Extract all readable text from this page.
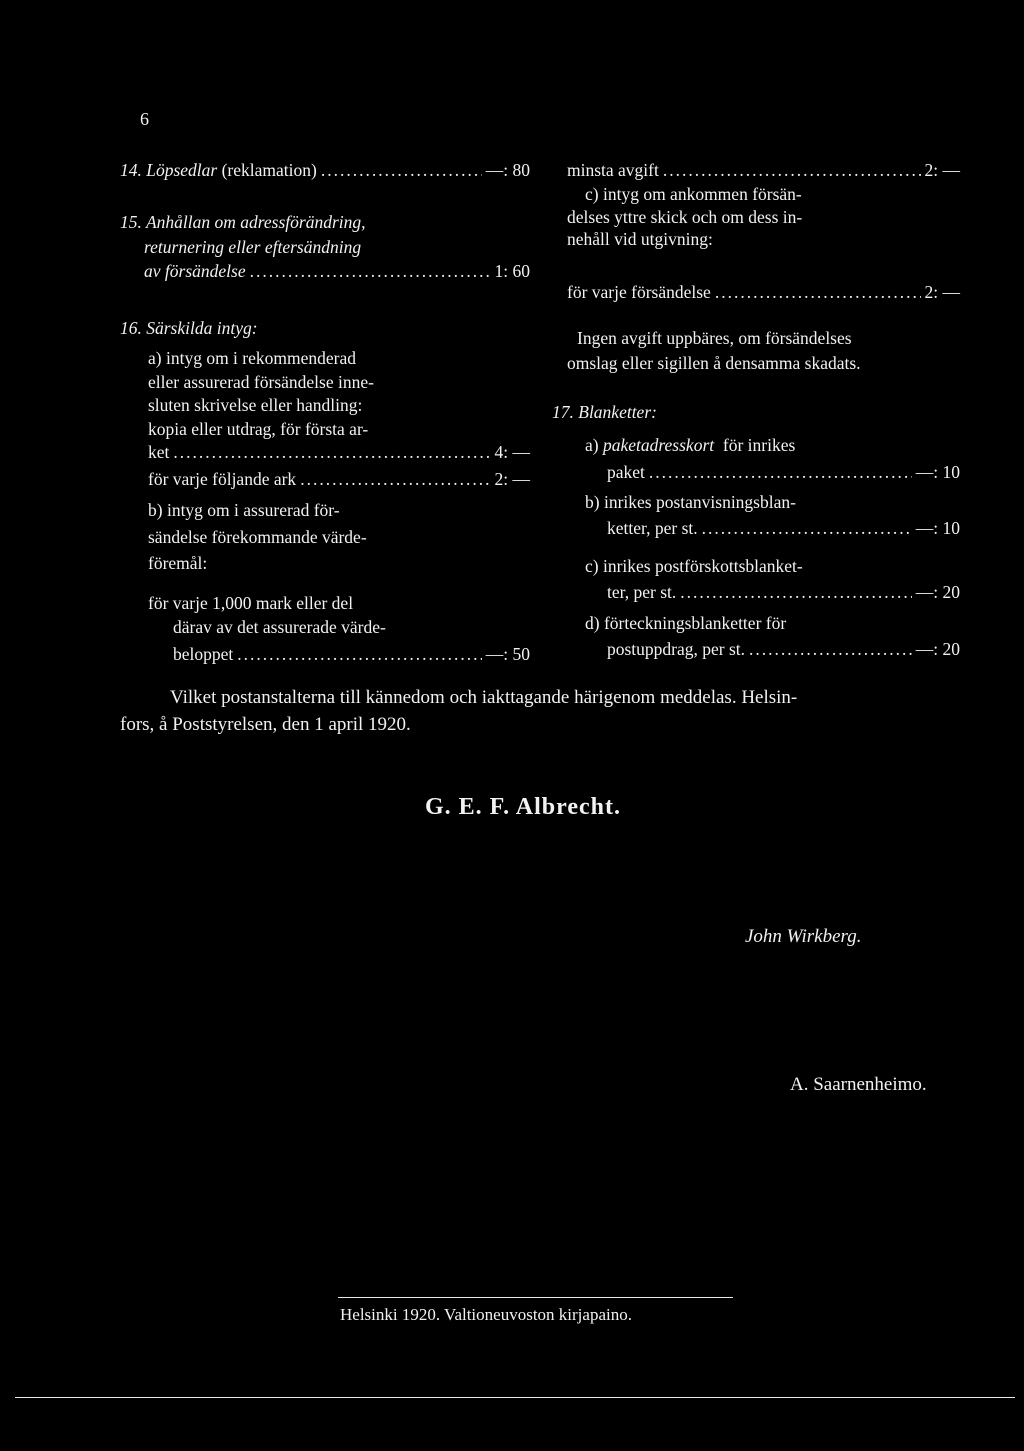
6
14. Löpsedlar (reklamation) .....	—: 80
15. Anhållan om adressförändring,
returnering eller eftersändning
av försändelse .....	1: 60
16. Särskilda intyg:
a) intyg om i rekommenderad
eller assurerad försändelse inne-
sluten skrivelse eller handling:
kopia eller utdrag, för första ar-
ket .....	4: —
för varje följande ark .....	2: —
b) intyg om i assurerad för-
sändelse förekommande värde-
föremål:
för varje 1,000 mark eller del
därav av det assurerade värde-
beloppet .....	—: 50
minsta avgift .....	2: —
c) intyg om ankommen försän-
delses yttre skick och om dess in-
nehåll vid utgivning:
för varje försändelse .....	2: —
Ingen avgift uppbäres, om försändelses
omslag eller sigillen å densamma skadats.
17. Blanketter:
a) paketadresskort för inrikes
paket .....	—: 10
b) inrikes postanvisningsblan-
ketter, per st. .....	—: 10
c) inrikes postförskottsblanket-
ter, per st. .....	—: 20
d) förteckningsblanketter för
postuppdrag, per st. .....	—: 20
Vilket postanstalterna till kännedom och iakttagande härigenom meddelas. Helsin-
fors, å Poststyrelsen, den 1 april 1920.
G. E. F. Albrecht.
John Wirkberg.
A. Saarnenheimo.
Helsinki 1920. Valtioneuvoston kirjapaino.
